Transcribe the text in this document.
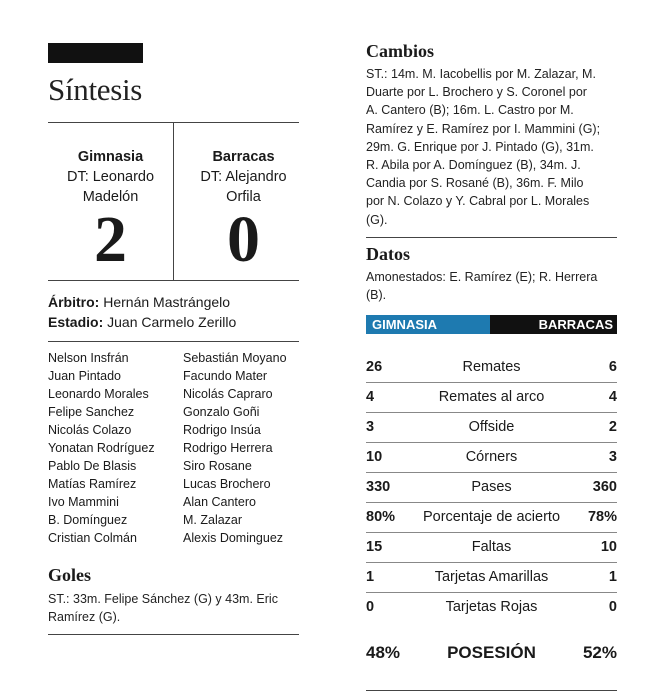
Síntesis
Gimnasia
DT: Leonardo
Madelón
2
Barracas
DT: Alejandro
Orfila
0
Árbitro: Hernán Mastrángelo
Estadio: Juan Carmelo Zerillo
Nelson Insfrán
Juan Pintado
Leonardo Morales
Felipe Sanchez
Nicolás Colazo
Yonatan Rodríguez
Pablo De Blasis
Matías Ramírez
Ivo Mammini
B. Domínguez
Cristian Colmán
Sebastián Moyano
Facundo Mater
Nicolás Capraro
Gonzalo Goñi
Rodrigo Insúa
Rodrigo Herrera
Siro Rosane
Lucas Brochero
Alan Cantero
M. Zalazar
Alexis Dominguez
Goles
ST.: 33m. Felipe Sánchez (G) y 43m. Eric
Ramírez (G).
Cambios
ST.: 14m. M. Iacobellis por M. Zalazar, M.
Duarte por L. Brochero y S. Coronel por
A. Cantero (B); 16m. L. Castro por M.
Ramírez y E. Ramírez por I. Mammini (G);
29m. G. Enrique por J. Pintado (G), 31m.
R. Abila por A. Domínguez (B), 34m. J.
Candia por S. Rosané (B), 36m. F. Milo
por N. Colazo y Y. Cabral por L. Morales
(G).
Datos
Amonestados: E. Ramírez (E); R. Herrera
(B).
GIMNASIA	BARRACAS
Remates
26	6
Remates al arco
4	4
Offside
3	2
Córners
10	3
Pases
330	360
Porcentaje de acierto
80%	78%
Faltas
15	10
Tarjetas Amarillas
1	1
Tarjetas Rojas
0	0
48%	POSESIÓN	52%
